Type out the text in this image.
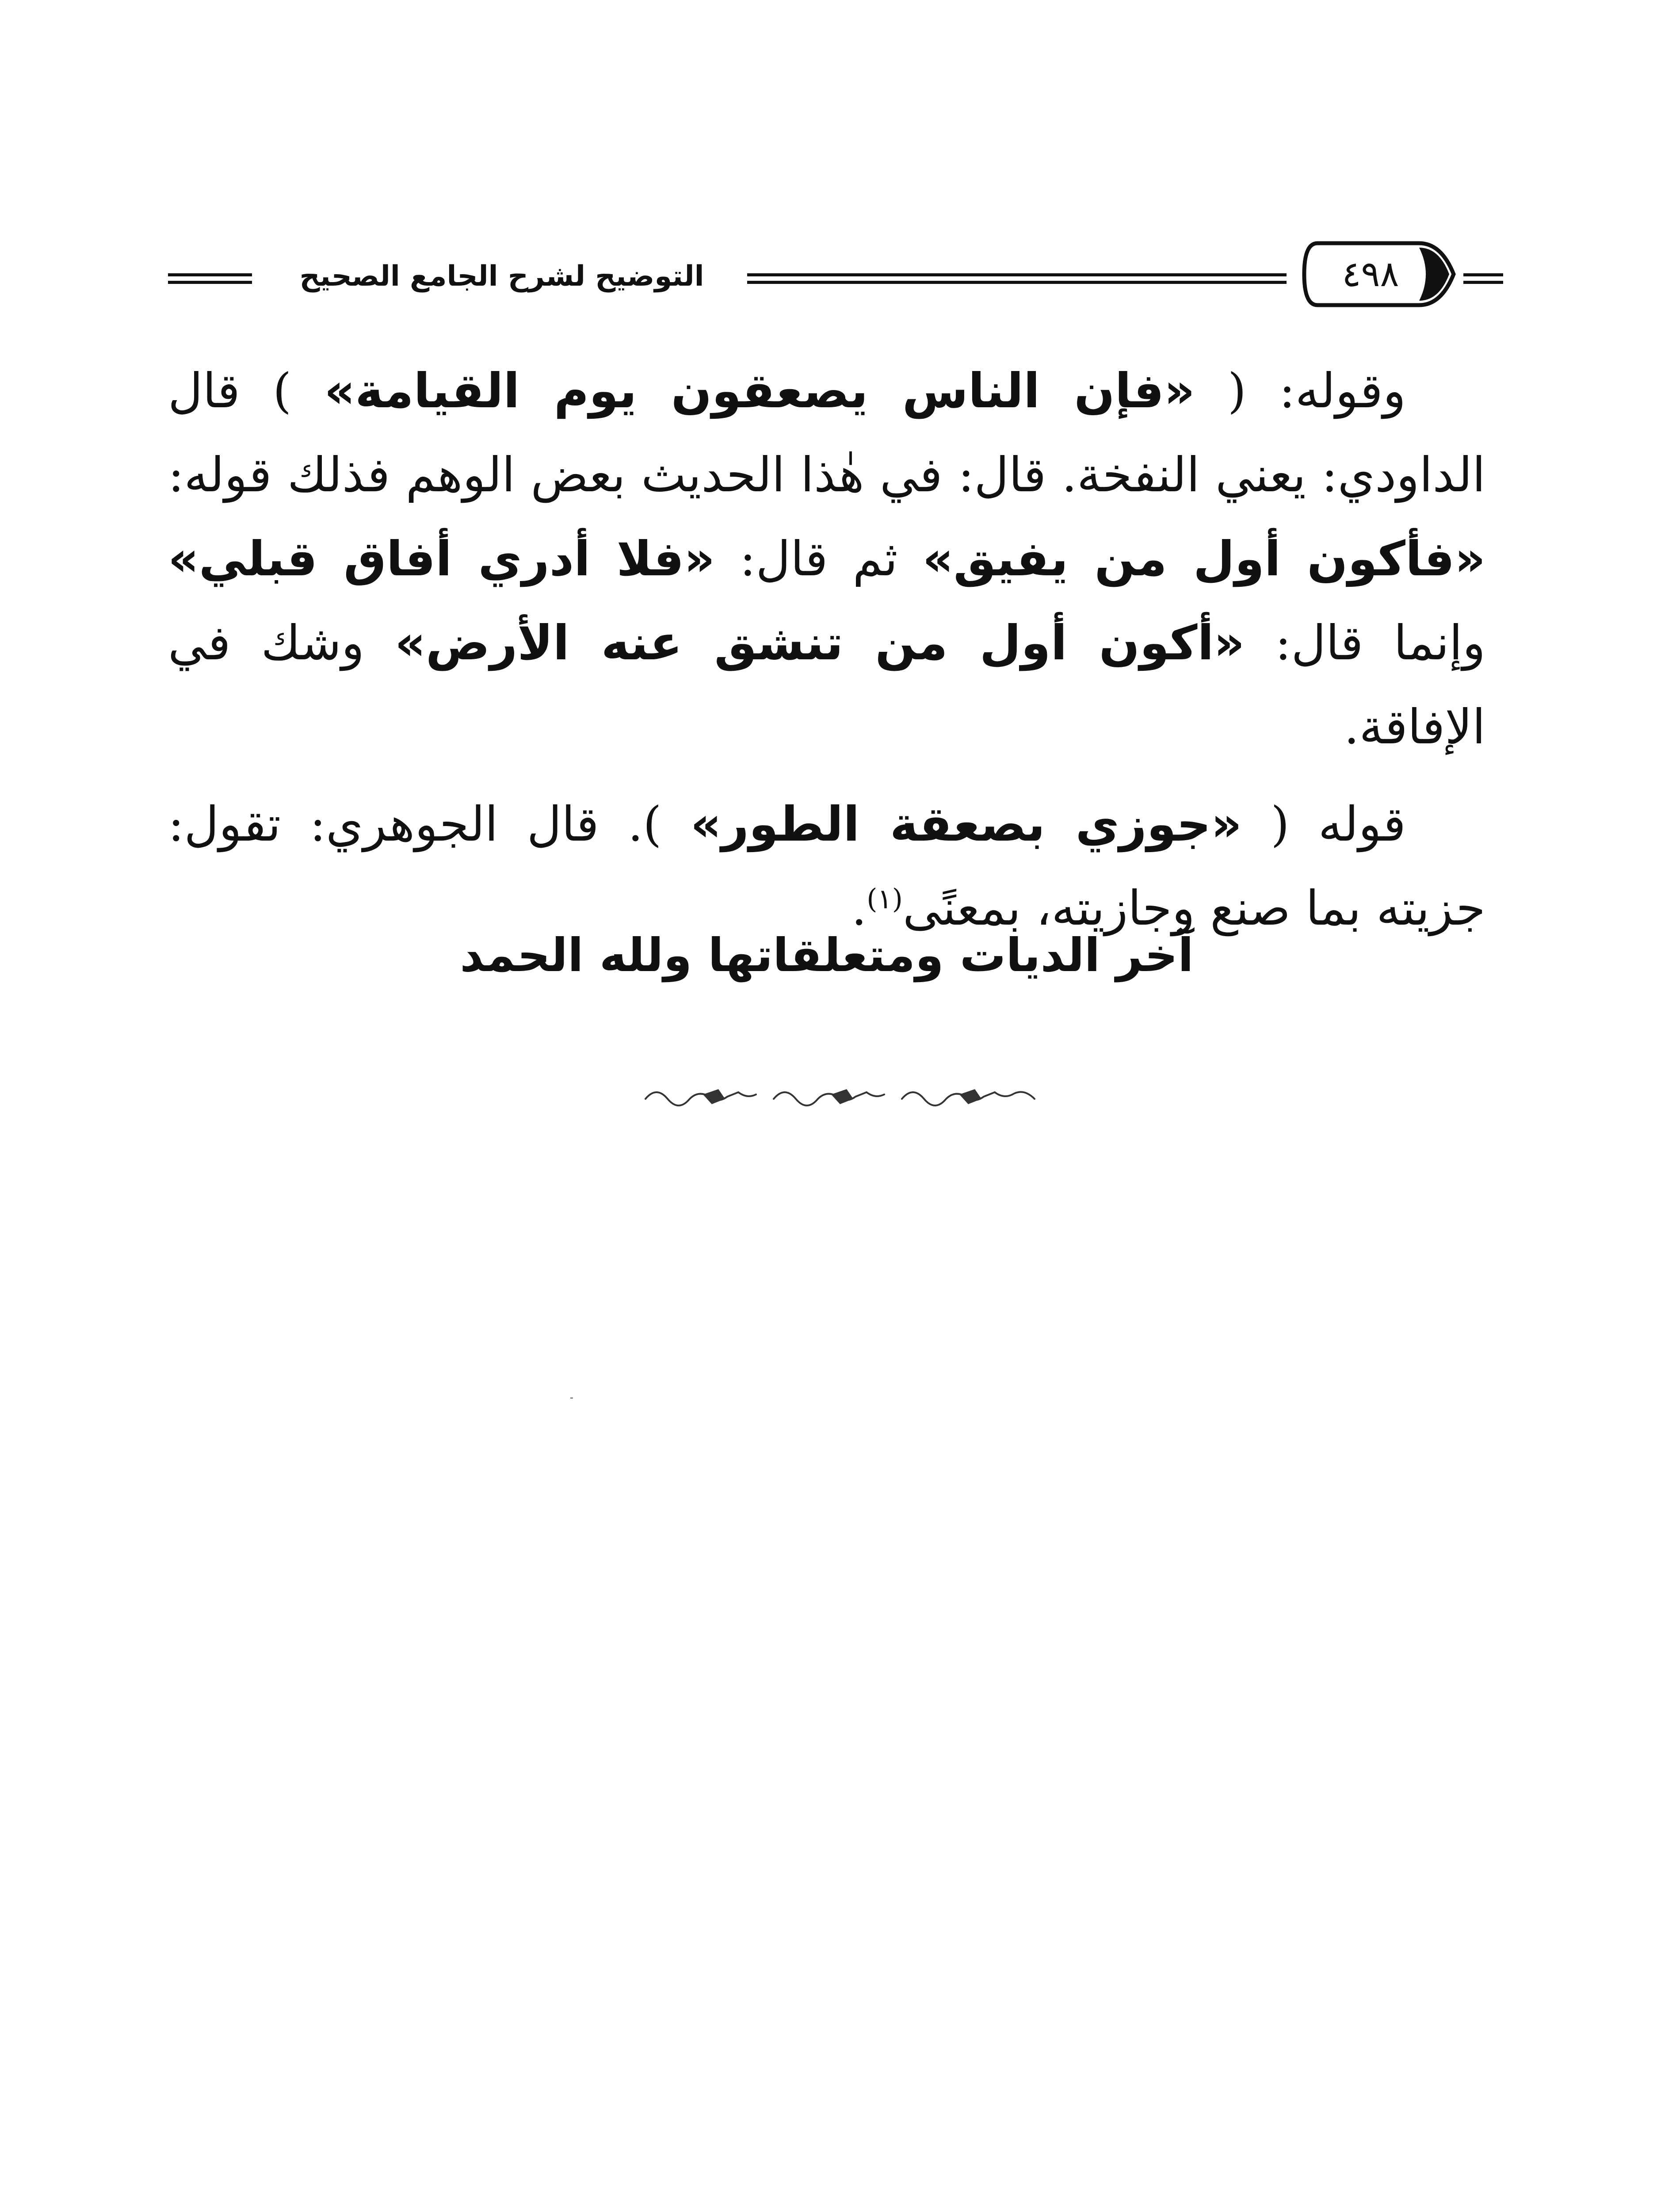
التوضيح لشرح الجامع الصحيح	٤٩٨

وقوله: ( «فإن الناس يصعقون يوم القيامة» ) قال الداودي: يعني النفخة. قال: في هٰذا الحديث بعض الوهم فذلك قوله: «فأكون أول من يفيق» ثم قال: «فلا أدري أفاق قبلي» وإنما قال: «أكون أول من تنشق عنه الأرض» وشك في الإفاقة.

قوله ( «جوزي بصعقة الطور» ). قال الجوهري: تقول: جزيته بما صنع وجازيته، بمعنًى$^{(١)}$.

آخر الديات ومتعلقاتها ولله الحمد
